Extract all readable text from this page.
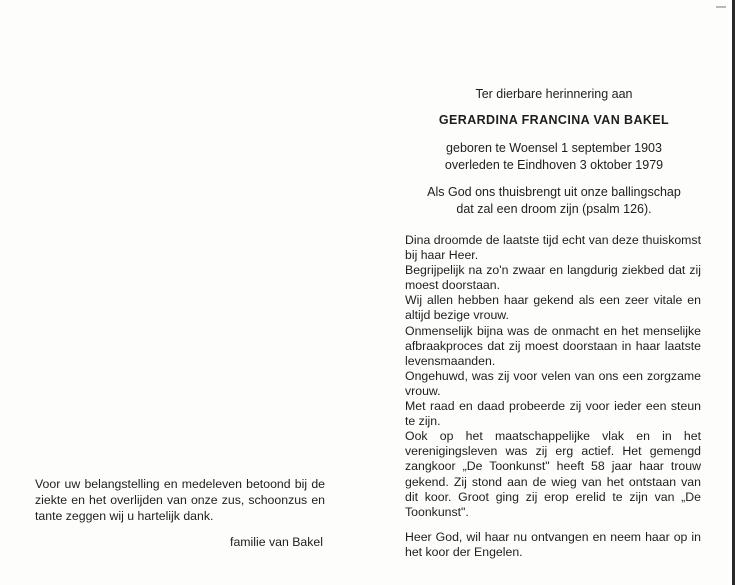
Ter dierbare herinnering aan

GERARDINA FRANCINA VAN BAKEL

geboren te Woensel 1 september 1903
overleden te Eindhoven 3 oktober 1979
Als God ons thuisbrengt uit onze ballingschap
dat zal een droom zijn (psalm 126).

Dina droomde de laatste tijd echt van deze thuiskomst bij haar Heer.

Begrijpelijk na zo'n zwaar en langdurig ziekbed dat zij moest doorstaan.

Wij allen hebben haar gekend als een zeer vitale en altijd bezige vrouw.

Onmenselijk bijna was de onmacht en het menselijke afbraakproces dat zij moest doorstaan in haar laatste levensmaanden.

Ongehuwd, was zij voor velen van ons een zorgzame vrouw.

Met raad en daad probeerde zij voor ieder een steun te zijn.

Ook op het maatschappelijke vlak en in het verenigingsleven was zij erg actief. Het gemengd zangkoor „De Toonkunst" heeft 58 jaar haar trouw gekend. Zij stond aan de wieg van het ontstaan van dit koor. Groot ging zij erop erelid te zijn van „De Toonkunst".

Heer God, wil haar nu ontvangen en neem haar op in het koor der Engelen.

Voor uw belangstelling en medeleven betoond bij de ziekte en het overlijden van onze zus, schoonzus en tante zeggen wij u hartelijk dank.

familie van Bakel
